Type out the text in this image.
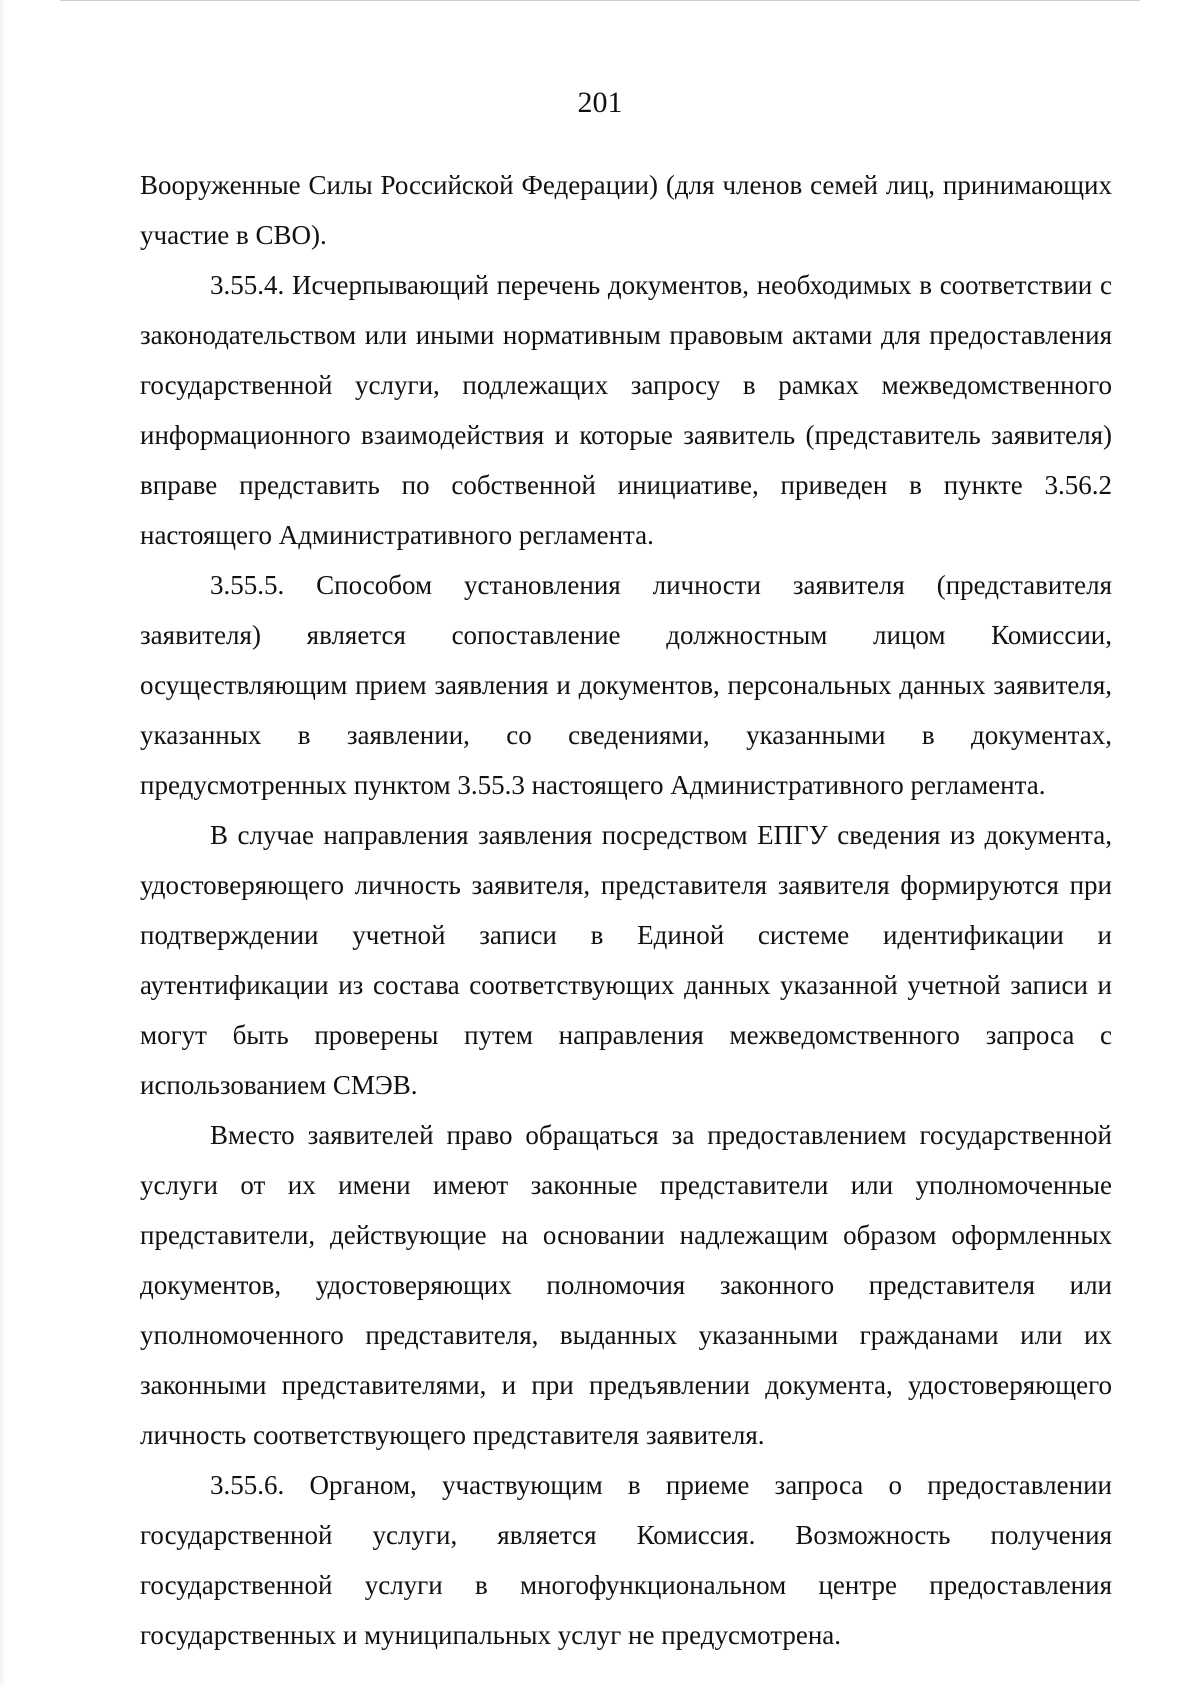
201

Вооруженные Силы Российской Федерации) (для членов семей лиц, принимающих участие в СВО).

3.55.4. Исчерпывающий перечень документов, необходимых в соответствии с законодательством или иными нормативным правовым актами для предоставления государственной услуги, подлежащих запросу в рамках межведомственного информационного взаимодействия и которые заявитель (представитель заявителя) вправе представить по собственной инициативе, приведен в пункте 3.56.2 настоящего Административного регламента.

3.55.5. Способом установления личности заявителя (представителя заявителя) является сопоставление должностным лицом Комиссии, осуществляющим прием заявления и документов, персональных данных заявителя, указанных в заявлении, со сведениями, указанными в документах, предусмотренных пунктом 3.55.3 настоящего Административного регламента.

В случае направления заявления посредством ЕПГУ сведения из документа, удостоверяющего личность заявителя, представителя заявителя формируются при подтверждении учетной записи в Единой системе идентификации и аутентификации из состава соответствующих данных указанной учетной записи и могут быть проверены путем направления межведомственного запроса с использованием СМЭВ.

Вместо заявителей право обращаться за предоставлением государственной услуги от их имени имеют законные представители или уполномоченные представители, действующие на основании надлежащим образом оформленных документов, удостоверяющих полномочия законного представителя или уполномоченного представителя, выданных указанными гражданами или их законными представителями, и при предъявлении документа, удостоверяющего личность соответствующего представителя заявителя.

3.55.6. Органом, участвующим в приеме запроса о предоставлении государственной услуги, является Комиссия. Возможность получения государственной услуги в многофункциональном центре предоставления государственных и муниципальных услуг не предусмотрена.
